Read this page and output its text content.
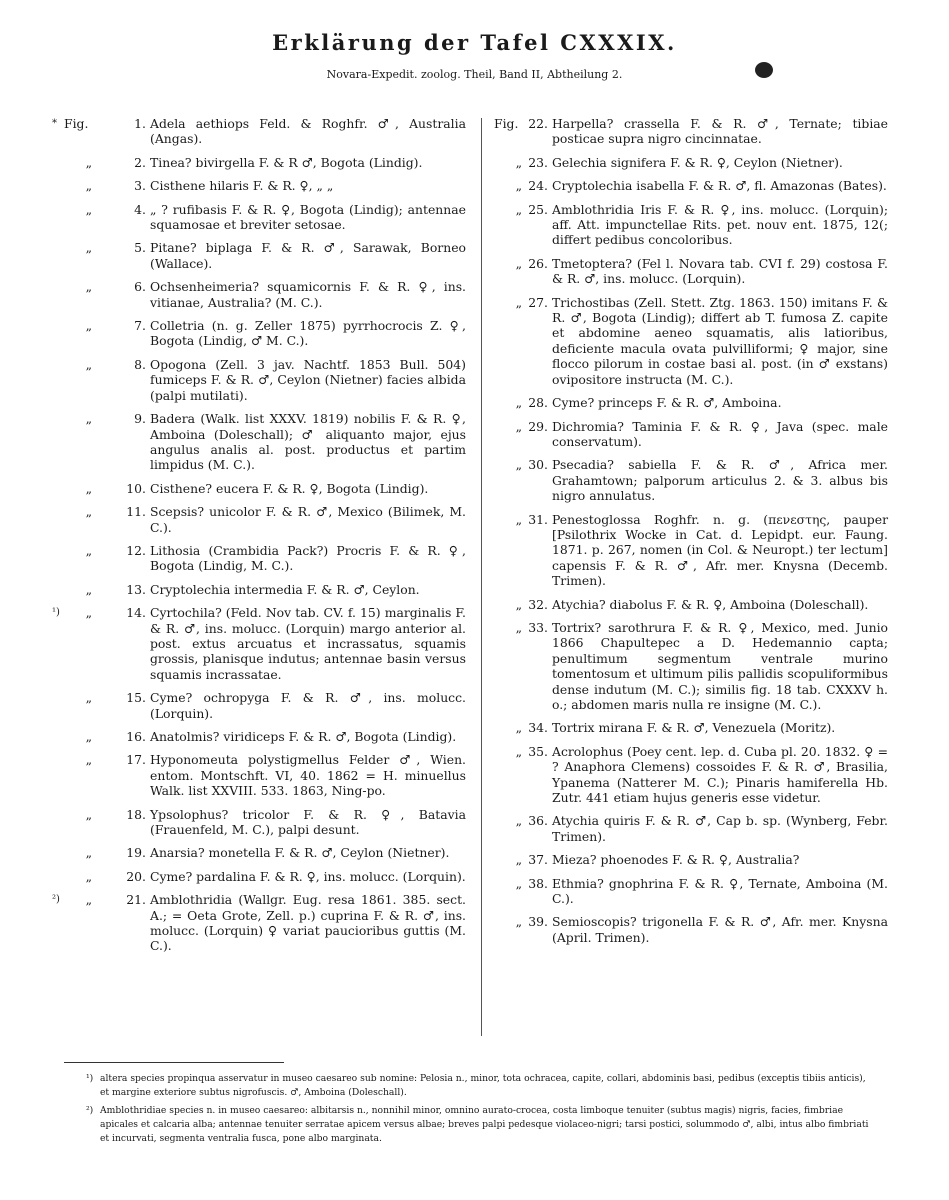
Erklärung der Tafel CXXXIX.
Novara-Expedit. zoolog. Theil, Band II, Abtheilung 2.
* Fig.	1. Adela aethiops Feld. & Roghfr. ♂, Australia (Angas).
„	2. Tinea? bivirgella F. & R ♂, Bogota (Lindig).
„	3. Cisthene hilaris F. & R. ♀, „ „
„	4. „ ? rufibasis F. & R. ♀, Bogota (Lindig); antennae squamosae et breviter setosae.
„	5. Pitane? biplaga F. & R. ♂, Sarawak, Borneo (Wallace).
„	6. Ochsenheimeria? squamicornis F. & R. ♀, ins. vitianae, Australia? (M. C.).
„	7. Colletria (n. g. Zeller 1875) pyrrhocrocis Z. ♀, Bogota (Lindig, ♂ M. C.).
„	8. Opogona (Zell. 3 jav. Nachtf. 1853 Bull. 504) fumiceps F. & R. ♂, Ceylon (Nietner) facies albida (palpi mutilati).
„	9. Badera (Walk. list XXXV. 1819) nobilis F. & R. ♀, Amboina (Doleschall); ♂ aliquanto major, ejus angulus analis al. post. productus et partim limpidus (M. C.).
„	10. Cisthene? eucera F. & R. ♀, Bogota (Lindig).
„	11. Scepsis? unicolor F. & R. ♂, Mexico (Bilimek, M. C.).
„	12. Lithosia (Crambidia Pack?) Procris F. & R. ♀, Bogota (Lindig, M. C.).
„	13. Cryptolechia intermedia F. & R. ♂, Ceylon.
¹)	„	14. Cyrtochila? (Feld. Nov tab. CV. f. 15) marginalis F. & R. ♂, ins. molucc. (Lorquin) margo anterior al. post. extus arcuatus et incrassatus, squamis grossis, planisque indutus; antennae basin versus squamis incrassatae.
„	15. Cyme? ochropyga F. & R. ♂, ins. molucc. (Lorquin).
„	16. Anatolmis? viridiceps F. & R. ♂, Bogota (Lindig).
„	17. Hyponomeuta polystigmellus Felder ♂, Wien. entom. Montschft. VI, 40. 1862 = H. minuellus Walk. list XXVIII. 533. 1863, Ning-po.
„	18. Ypsolophus? tricolor F. & R. ♀, Batavia (Frauenfeld, M. C.), palpi desunt.
„	19. Anarsia? monetella F. & R. ♂, Ceylon (Nietner).
„	20. Cyme? pardalina F. & R. ♀, ins. molucc. (Lorquin).
²)	„	21. Amblothridia (Wallgr. Eug. resa 1861. 385. sect. A.; = Oeta Grote, Zell. p.) cuprina F. & R. ♂, ins. molucc. (Lorquin) ♀ variat paucioribus guttis (M. C.).
Fig. 22. Harpella? crassella F. & R. ♂, Ternate; tibiae posticae supra nigro cincinnatae.
„ 23. Gelechia signifera F. & R. ♀, Ceylon (Nietner).
„ 24. Cryptolechia isabella F. & R. ♂, fl. Amazonas (Bates).
„ 25. Amblothridia Iris F. & R. ♀, ins. molucc. (Lorquin); aff. Att. impunctellae Rits. pet. nouv ent. 1875, 12(; differt pedibus concoloribus.
„ 26. Tmetoptera? (Fel l. Novara tab. CVI f. 29) costosa F. & R. ♂, ins. molucc. (Lorquin).
„ 27. Trichostibas (Zell. Stett. Ztg. 1863. 150) imitans F. & R. ♂, Bogota (Lindig); differt ab T. fumosa Z. capite et abdomine aeneo squamatis, alis latioribus, deficiente macula ovata pulvilliformi; ♀ major, sine flocco pilorum in costae basi al. post. (in ♂ exstans) ovipositore instructa (M. C.).
„ 28. Cyme? princeps F. & R. ♂, Amboina.
„ 29. Dichromia? Taminia F. & R. ♀, Java (spec. male conservatum).
„ 30. Psecadia? sabiella F. & R. ♂, Africa mer. Grahamtown; palporum articulus 2. & 3. albus bis nigro annulatus.
„ 31. Penestoglossa Roghfr. n. g. (πενεστης, pauper [Psilothrix Wocke in Cat. d. Lepidpt. eur. Faung. 1871. p. 267, nomen (in Col. & Neuropt.) ter lectum] capensis F. & R. ♂, Afr. mer. Knysna (Decemb. Trimen).
„ 32. Atychia? diabolus F. & R. ♀, Amboina (Doleschall).
„ 33. Tortrix? sarothrura F. & R. ♀, Mexico, med. Junio 1866 Chapultepec a D. Hedemannio capta; penultimum segmentum ventrale murino tomentosum et ultimum pilis pallidis scopuliformibus dense indutum (M. C.); similis fig. 18 tab. CXXXV h. o.; abdomen maris nulla re insigne (M. C.).
„ 34. Tortrix mirana F. & R. ♂, Venezuela (Moritz).
„ 35. Acrolophus (Poey cent. lep. d. Cuba pl. 20. 1832. ♀ = ? Anaphora Clemens) cossoides F. & R. ♂, Brasilia, Ypanema (Natterer M. C.); Pinaris hamiferella Hb. Zutr. 441 etiam hujus generis esse videtur.
„ 36. Atychia quiris F. & R. ♂, Cap b. sp. (Wynberg, Febr. Trimen).
„ 37. Mieza? phoenodes F. & R. ♀, Australia?
„ 38. Ethmia? gnophrina F. & R. ♀, Ternate, Amboina (M. C.).
„ 39. Semioscopis? trigonella F. & R. ♂, Afr. mer. Knysna (April. Trimen).
¹) altera species propinqua asservatur in museo caesareo sub nomine: Pelosia n., minor, tota ochracea, capite, collari, abdominis basi, pedibus (exceptis tibiis anticis), et margine exteriore subtus nigrofuscis. ♂, Amboina (Doleschall).
²) Amblothridiae species n. in museo caesareo: albitarsis n., nonnihil minor, omnino aurato-crocea, costa limboque tenuiter (subtus magis) nigris, facies, fimbriae apicales et calcaria alba; antennae tenuiter serratae apicem versus albae; breves palpi pedesque violaceo-nigri; tarsi postici, solummodo ♂, albi, intus albo fimbriati et incurvati, segmenta ventralia fusca, pone albo marginata.
